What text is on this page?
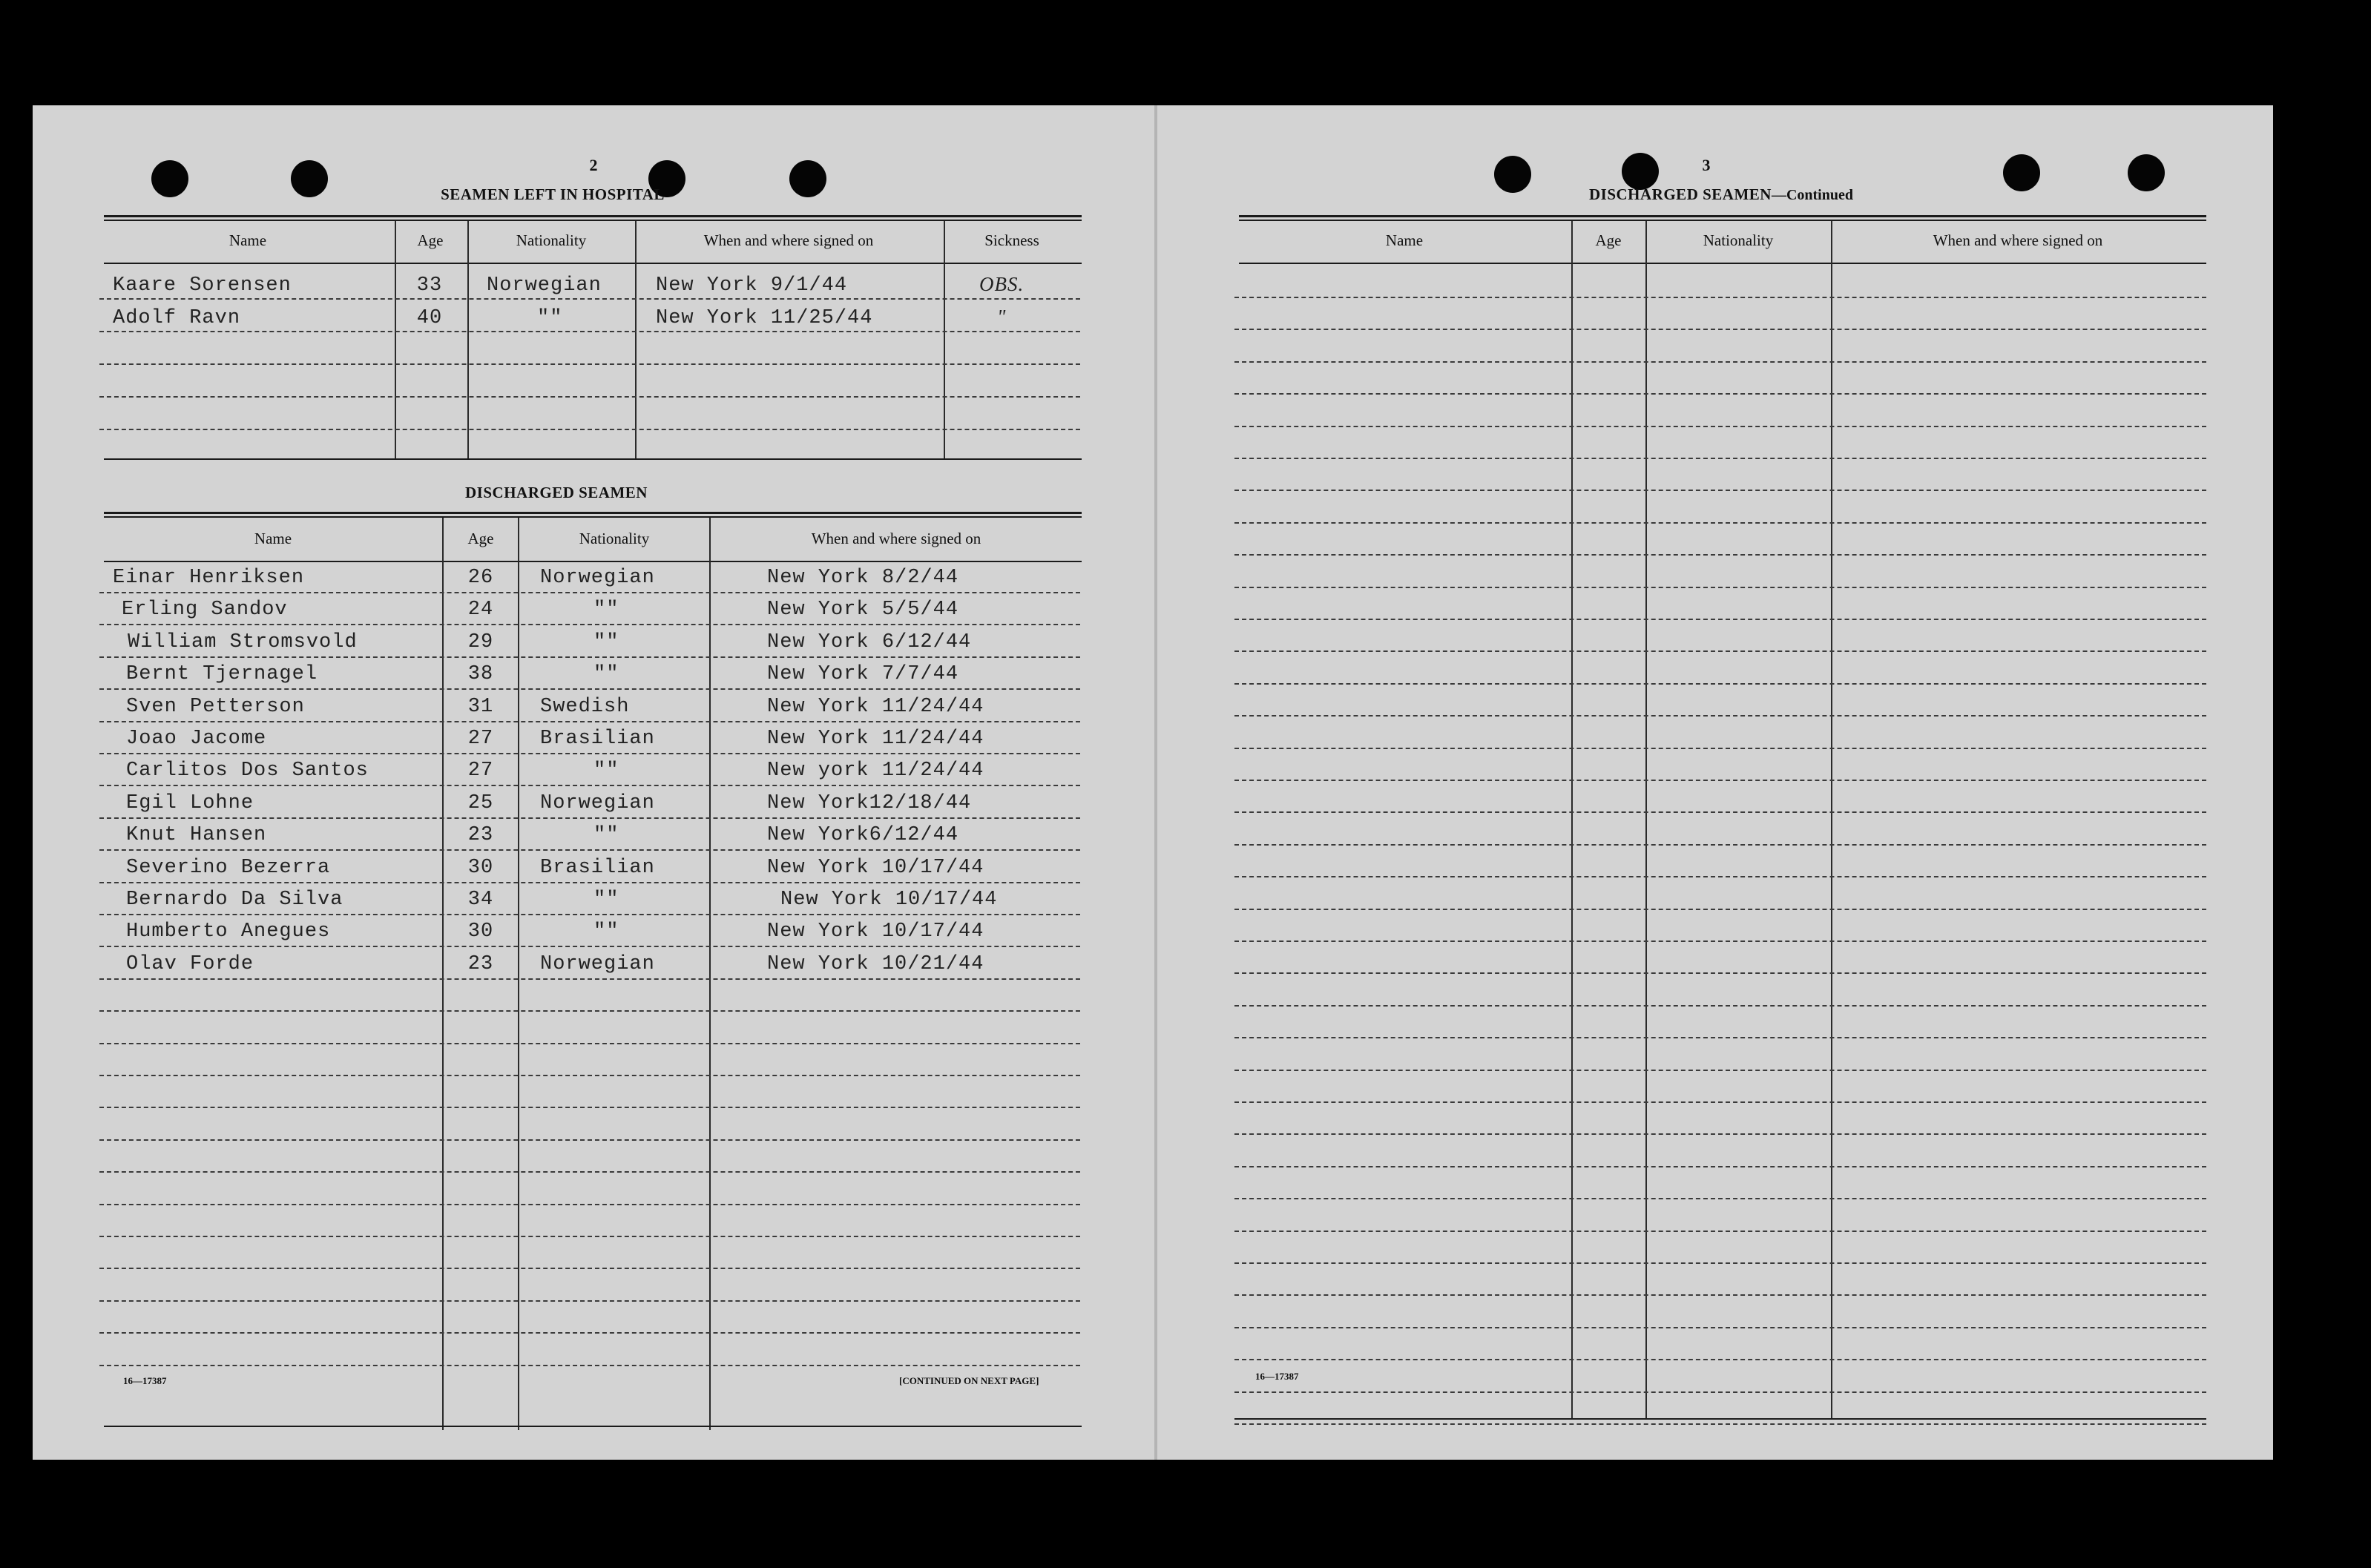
2
SEAMEN LEFT IN HOSPITAL
Name	Age	Nationality	When and where signed on	Sickness
Kaare Sorensen	33	Norwegian	New York 9/1/44	OBS.
Adolf Ravn	40	""	New York 11/25/44	"
DISCHARGED SEAMEN
Name	Age	Nationality	When and where signed on
Einar Henriksen	26	Norwegian	New York 8/2/44
Erling Sandov	24	""	New York 5/5/44
William Stromsvold	29	""	New York 6/12/44
Bernt Tjernagel	38	""	New York 7/7/44
Sven Petterson	31	Swedish	New York 11/24/44
Joao Jacome	27	Brasilian	New York 11/24/44
Carlitos Dos Santos	27	""	New york 11/24/44
Egil Lohne	25	Norwegian	New York12/18/44
Knut Hansen	23	""	New York6/12/44
Severino Bezerra	30	Brasilian	New York 10/17/44
Bernardo Da Silva	34	""	New York 10/17/44
Humberto Anegues	30	""	New York 10/17/44
Olav Forde	23	Norwegian	New York 10/21/44
16—17387	[CONTINUED ON NEXT PAGE]
3
DISCHARGED SEAMEN—Continued
Name	Age	Nationality	When and where signed on
16—17387
